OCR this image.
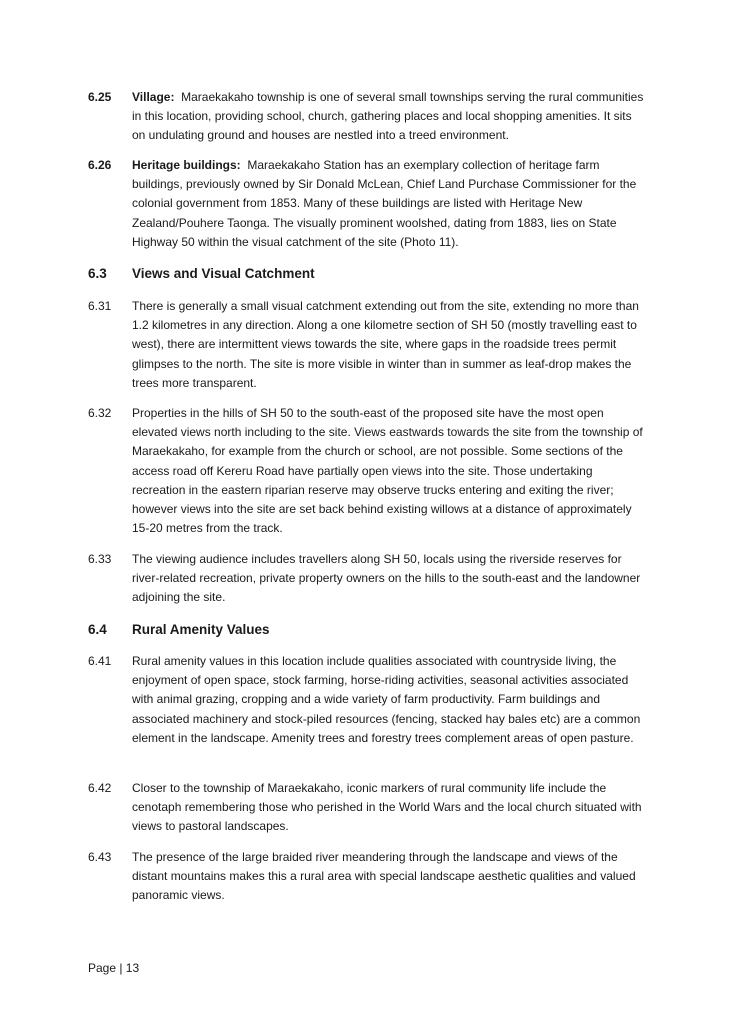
6.25	Village: Maraekakaho township is one of several small townships serving the rural communities in this location, providing school, church, gathering places and local shopping amenities. It sits on undulating ground and houses are nestled into a treed environment.
6.26	Heritage buildings: Maraekakaho Station has an exemplary collection of heritage farm buildings, previously owned by Sir Donald McLean, Chief Land Purchase Commissioner for the colonial government from 1853. Many of these buildings are listed with Heritage New Zealand/Pouhere Taonga. The visually prominent woolshed, dating from 1883, lies on State Highway 50 within the visual catchment of the site (Photo 11).
6.3	Views and Visual Catchment
6.31	There is generally a small visual catchment extending out from the site, extending no more than 1.2 kilometres in any direction. Along a one kilometre section of SH 50 (mostly travelling east to west), there are intermittent views towards the site, where gaps in the roadside trees permit glimpses to the north. The site is more visible in winter than in summer as leaf-drop makes the trees more transparent.
6.32	Properties in the hills of SH 50 to the south-east of the proposed site have the most open elevated views north including to the site. Views eastwards towards the site from the township of Maraekakaho, for example from the church or school, are not possible. Some sections of the access road off Kereru Road have partially open views into the site. Those undertaking recreation in the eastern riparian reserve may observe trucks entering and exiting the river; however views into the site are set back behind existing willows at a distance of approximately 15-20 metres from the track.
6.33	The viewing audience includes travellers along SH 50, locals using the riverside reserves for river-related recreation, private property owners on the hills to the south-east and the landowner adjoining the site.
6.4	Rural Amenity Values
6.41	Rural amenity values in this location include qualities associated with countryside living, the enjoyment of open space, stock farming, horse-riding activities, seasonal activities associated with animal grazing, cropping and a wide variety of farm productivity. Farm buildings and associated machinery and stock-piled resources (fencing, stacked hay bales etc) are a common element in the landscape. Amenity trees and forestry trees complement areas of open pasture.
6.42	Closer to the township of Maraekakaho, iconic markers of rural community life include the cenotaph remembering those who perished in the World Wars and the local church situated with views to pastoral landscapes.
6.43	The presence of the large braided river meandering through the landscape and views of the distant mountains makes this a rural area with special landscape aesthetic qualities and valued panoramic views.
Page | 13
